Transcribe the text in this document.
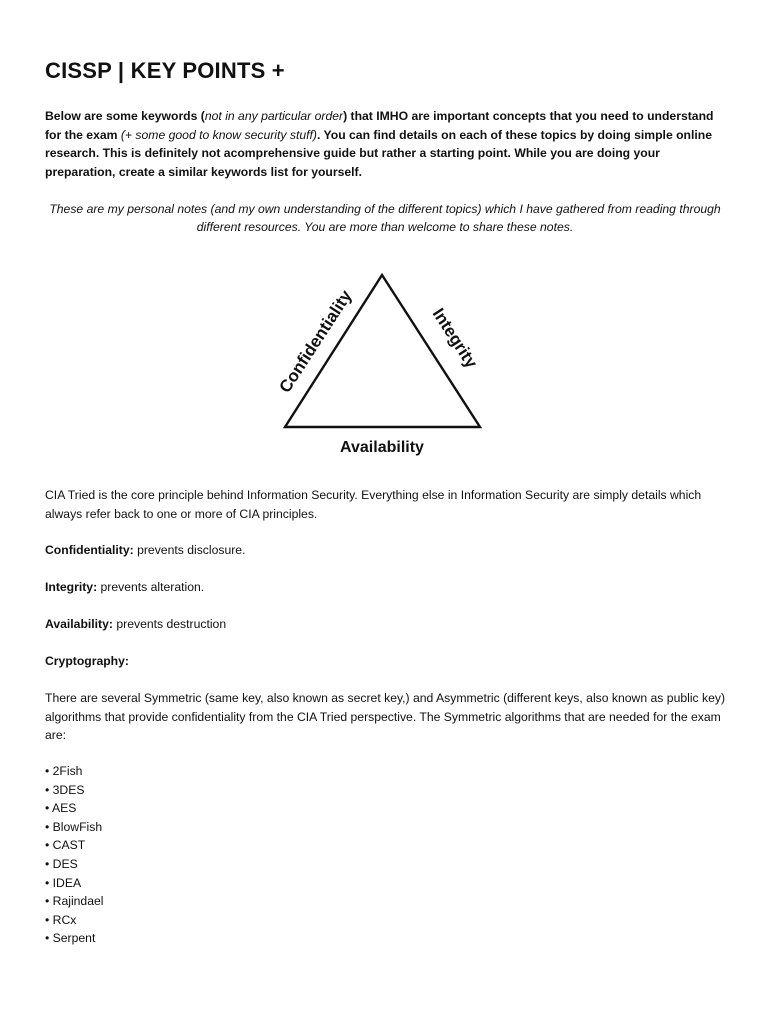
CISSP | KEY POINTS +

Below are some keywords (not in any particular order) that IMHO are important concepts that you need to understand for the exam (+ some good to know security stuff). You can find details on each of these topics by doing simple online research. This is definitely not acomprehensive guide but rather a starting point. While you are doing your preparation, create a similar keywords list for yourself.

These are my personal notes (and my own understanding of the different topics) which I have gathered from reading through different resources. You are more than welcome to share these notes.

Confidentiality	Integrity
Availability

CIA Tried is the core principle behind Information Security. Everything else in Information Security are simply details which always refer back to one or more of CIA principles.

Confidentiality: prevents disclosure.

Integrity: prevents alteration.

Availability: prevents destruction

Cryptography:

There are several Symmetric (same key, also known as secret key,) and Asymmetric (different keys, also known as public key) algorithms that provide confidentiality from the CIA Tried perspective. The Symmetric algorithms that are needed for the exam are:

• 2Fish
• 3DES
• AES
• BlowFish
• CAST
• DES
• IDEA
• Rajindael
• RCx
• Serpent
